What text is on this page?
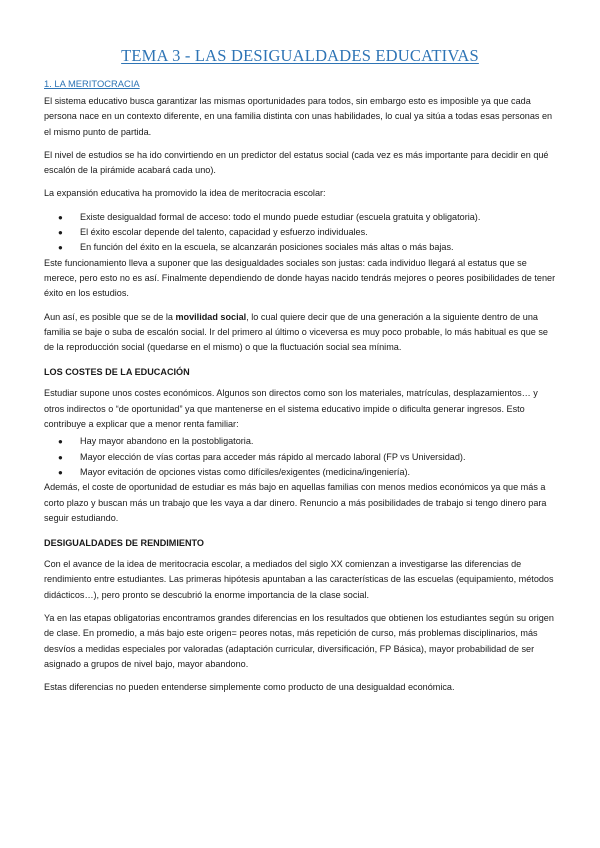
TEMA 3 - LAS DESIGUALDADES EDUCATIVAS
1. LA MERITOCRACIA

El sistema educativo busca garantizar las mismas oportunidades para todos, sin embargo esto es imposible ya que cada persona nace en un contexto diferente, en una familia distinta con unas habilidades, lo cual ya sitúa a todas esas personas en el mismo punto de partida.

El nivel de estudios se ha ido convirtiendo en un predictor del estatus social (cada vez es más importante para decidir en qué escalón de la pirámide acabará cada uno).

La expansión educativa ha promovido la idea de meritocracia escolar:

● Existe desigualdad formal de acceso: todo el mundo puede estudiar (escuela gratuita y obligatoria).
● El éxito escolar depende del talento, capacidad y esfuerzo individuales.
● En función del éxito en la escuela, se alcanzarán posiciones sociales más altas o más bajas.

Este funcionamiento lleva a suponer que las desigualdades sociales son justas: cada individuo llegará al estatus que se merece, pero esto no es así. Finalmente dependiendo de donde hayas nacido tendrás mejores o peores posibilidades de tener éxito en los estudios.

Aun así, es posible que se de la movilidad social, lo cual quiere decir que de una generación a la siguiente dentro de una familia se baje o suba de escalón social. Ir del primero al último o viceversa es muy poco probable, lo más habitual es que se de la reproducción social (quedarse en el mismo) o que la fluctuación social sea mínima.

LOS COSTES DE LA EDUCACIÓN

Estudiar supone unos costes económicos. Algunos son directos como son los materiales, matrículas, desplazamientos… y otros indirectos o “de oportunidad” ya que mantenerse en el sistema educativo impide o dificulta generar ingresos. Esto contribuye a explicar que a menor renta familiar:

● Hay mayor abandono en la postobligatoria.
● Mayor elección de vías cortas para acceder más rápido al mercado laboral (FP vs Universidad).
● Mayor evitación de opciones vistas como difíciles/exigentes (medicina/ingeniería).

Además, el coste de oportunidad de estudiar es más bajo en aquellas familias con menos medios económicos ya que más a corto plazo y buscan más un trabajo que les vaya a dar dinero. Renuncio a más posibilidades de trabajo si tengo dinero para seguir estudiando.

DESIGUALDADES DE RENDIMIENTO

Con el avance de la idea de meritocracia escolar, a mediados del siglo XX comienzan a investigarse las diferencias de rendimiento entre estudiantes. Las primeras hipótesis apuntaban a las características de las escuelas (equipamiento, métodos didácticos…), pero pronto se descubrió la enorme importancia de la clase social.

Ya en las etapas obligatorias encontramos grandes diferencias en los resultados que obtienen los estudiantes según su origen de clase. En promedio, a más bajo este origen= peores notas, más repetición de curso, más problemas disciplinarios, más desvíos a medidas especiales por valoradas (adaptación curricular, diversificación, FP Básica), mayor probabilidad de ser asignado a grupos de nivel bajo, mayor abandono.

Estas diferencias no pueden entenderse simplemente como producto de una desigualdad económica.
